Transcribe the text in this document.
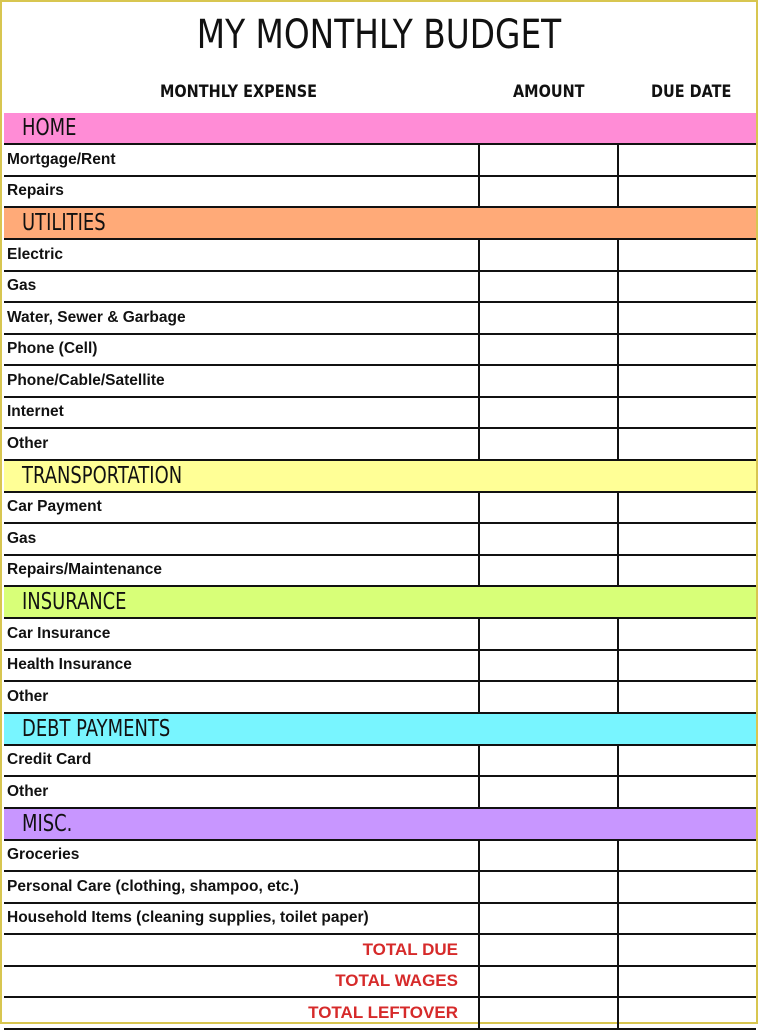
MY MONTHLY BUDGET
MONTHLY EXPENSE	AMOUNT	DUE DATE
HOME
Mortgage/Rent
Repairs
UTILITIES
Electric
Gas
Water, Sewer & Garbage
Phone (Cell)
Phone/Cable/Satellite
Internet
Other
TRANSPORTATION
Car Payment
Gas
Repairs/Maintenance
INSURANCE
Car Insurance
Health Insurance
Other
DEBT PAYMENTS
Credit Card
Other
MISC.
Groceries
Personal Care (clothing, shampoo, etc.)
Household Items (cleaning supplies, toilet paper)
TOTAL DUE
TOTAL WAGES
TOTAL LEFTOVER
